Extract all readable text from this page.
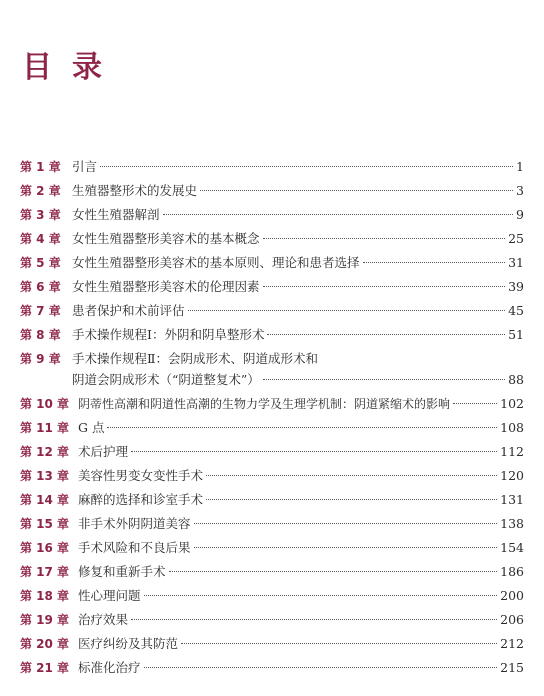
目录
第 1 章 引言	1
第 2 章 生殖器整形术的发展史	3
第 3 章 女性生殖器解剖	9
第 4 章 女性生殖器整形美容术的基本概念	25
第 5 章 女性生殖器整形美容术的基本原则、理论和患者选择	31
第 6 章 女性生殖器整形美容术的伦理因素	39
第 7 章 患者保护和术前评估	45
第 8 章 手术操作规程Ⅰ：外阴和阴阜整形术	51
第 9 章 手术操作规程Ⅱ：会阴成形术、阴道成形术和
阴道会阴成形术（“阴道整复术”）	88
第 10 章 阴蒂性高潮和阴道性高潮的生物力学及生理学机制：阴道紧缩术的影响	102
第 11 章 G 点	108
第 12 章 术后护理	112
第 13 章 美容性男变女变性手术	120
第 14 章 麻醉的选择和诊室手术	131
第 15 章 非手术外阴阴道美容	138
第 16 章 手术风险和不良后果	154
第 17 章 修复和重新手术	186
第 18 章 性心理问题	200
第 19 章 治疗效果	206
第 20 章 医疗纠纷及其防范	212
第 21 章 标准化治疗	215
